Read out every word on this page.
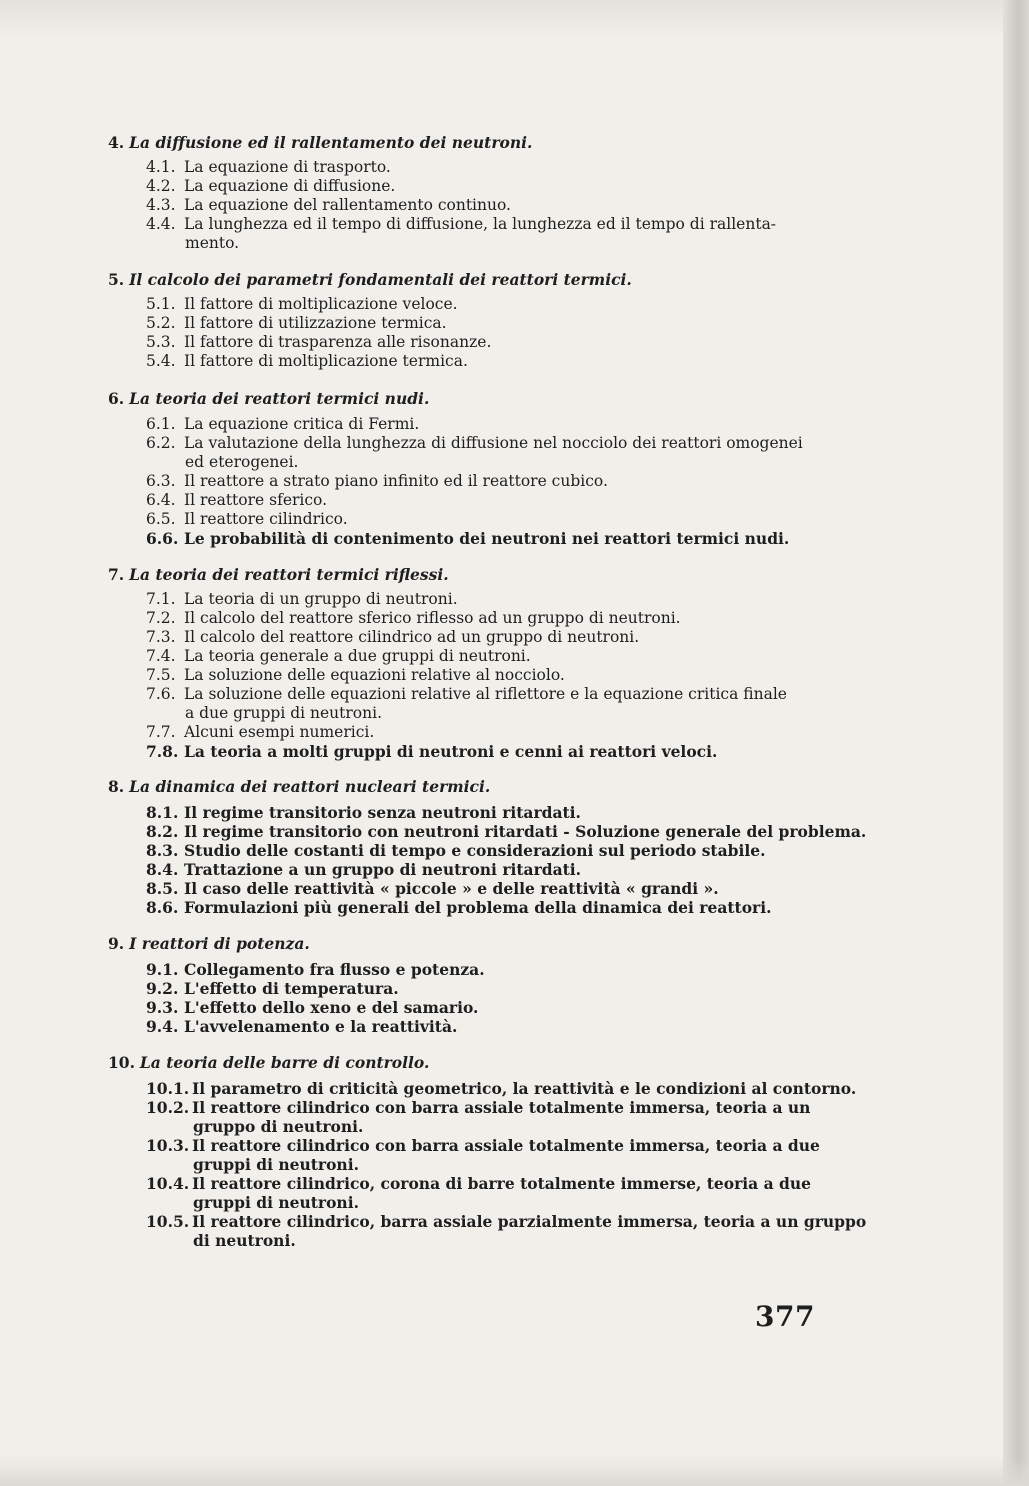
4. La diffusione ed il rallentamento dei neutroni.
4.1. La equazione di trasporto.
4.2. La equazione di diffusione.
4.3. La equazione del rallentamento continuo.
4.4. La lunghezza ed il tempo di diffusione, la lunghezza ed il tempo di rallenta-
mento.
5. Il calcolo dei parametri fondamentali dei reattori termici.
5.1. Il fattore di moltiplicazione veloce.
5.2. Il fattore di utilizzazione termica.
5.3. Il fattore di trasparenza alle risonanze.
5.4. Il fattore di moltiplicazione termica.
6. La teoria dei reattori termici nudi.
6.1. La equazione critica di Fermi.
6.2. La valutazione della lunghezza di diffusione nel nocciolo dei reattori omogenei
ed eterogenei.
6.3. Il reattore a strato piano infinito ed il reattore cubico.
6.4. Il reattore sferico.
6.5. Il reattore cilindrico.
6.6. Le probabilità di contenimento dei neutroni nei reattori termici nudi.
7. La teoria dei reattori termici riflessi.
7.1. La teoria di un gruppo di neutroni.
7.2. Il calcolo del reattore sferico riflesso ad un gruppo di neutroni.
7.3. Il calcolo del reattore cilindrico ad un gruppo di neutroni.
7.4. La teoria generale a due gruppi di neutroni.
7.5. La soluzione delle equazioni relative al nocciolo.
7.6. La soluzione delle equazioni relative al riflettore e la equazione critica finale
a due gruppi di neutroni.
7.7. Alcuni esempi numerici.
7.8. La teoria a molti gruppi di neutroni e cenni ai reattori veloci.
8. La dinamica dei reattori nucleari termici.
8.1. Il regime transitorio senza neutroni ritardati.
8.2. Il regime transitorio con neutroni ritardati - Soluzione generale del problema.
8.3. Studio delle costanti di tempo e considerazioni sul periodo stabile.
8.4. Trattazione a un gruppo di neutroni ritardati.
8.5. Il caso delle reattività « piccole » e delle reattività « grandi ».
8.6. Formulazioni più generali del problema della dinamica dei reattori.
9. I reattori di potenza.
9.1. Collegamento fra flusso e potenza.
9.2. L'effetto di temperatura.
9.3. L'effetto dello xeno e del samario.
9.4. L'avvelenamento e la reattività.
10. La teoria delle barre di controllo.
10.1. Il parametro di criticità geometrico, la reattività e le condizioni al contorno.
10.2. Il reattore cilindrico con barra assiale totalmente immersa, teoria a un
gruppo di neutroni.
10.3. Il reattore cilindrico con barra assiale totalmente immersa, teoria a due
gruppi di neutroni.
10.4. Il reattore cilindrico, corona di barre totalmente immerse, teoria a due
gruppi di neutroni.
10.5. Il reattore cilindrico, barra assiale parzialmente immersa, teoria a un gruppo
di neutroni.
377
